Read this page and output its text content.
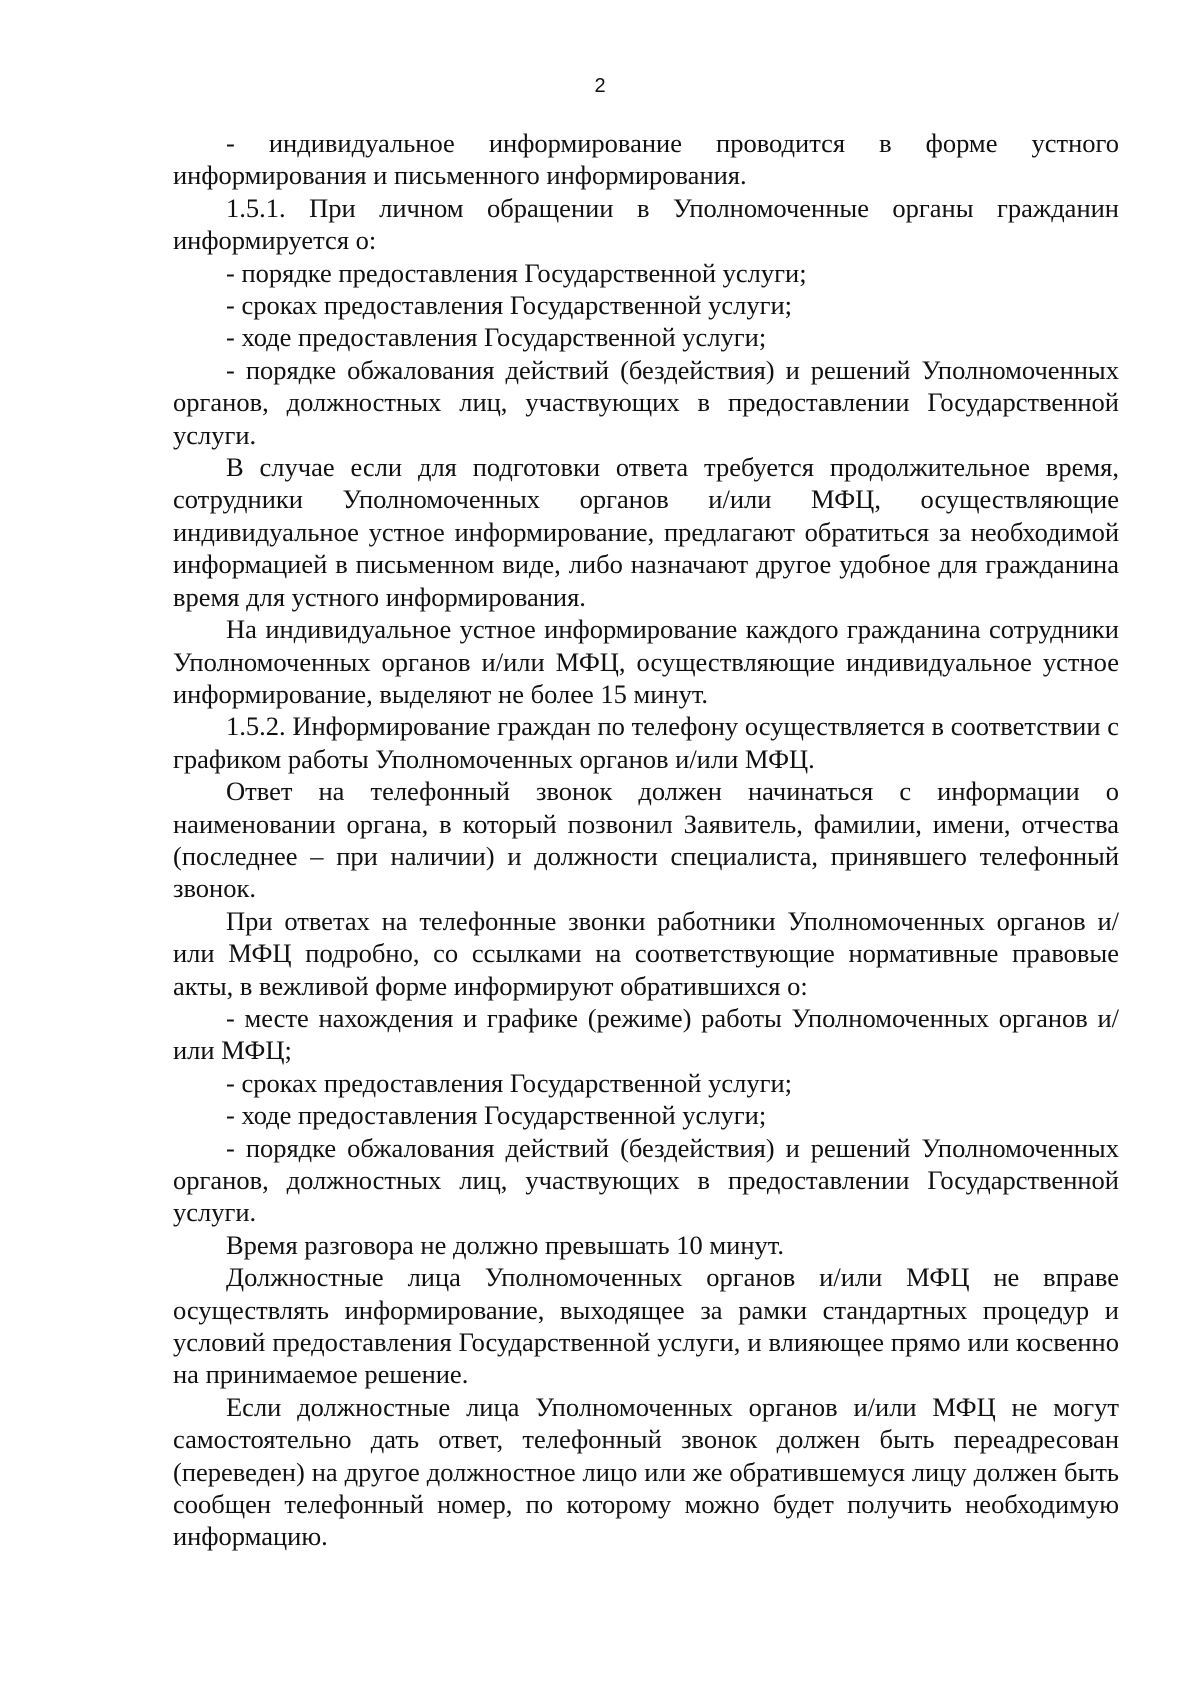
2

- индивидуальное информирование проводится в форме устного информирования и письменного информирования.

1.5.1. При личном обращении в Уполномоченные органы гражданин информируется о:

- порядке предоставления Государственной услуги;

- сроках предоставления Государственной услуги;

- ходе предоставления Государственной услуги;

- порядке обжалования действий (бездействия) и решений Уполномоченных органов, должностных лиц, участвующих в предоставлении Государственной услуги.

В случае если для подготовки ответа требуется продолжительное время, сотрудники Уполномоченных органов и/или МФЦ, осуществляющие индивидуальное устное информирование, предлагают обратиться за необходимой информацией в письменном виде, либо назначают другое удобное для гражданина время для устного информирования.

На индивидуальное устное информирование каждого гражданина сотрудники Уполномоченных органов и/или МФЦ, осуществляющие индивидуальное устное информирование, выделяют не более 15 минут.

1.5.2. Информирование граждан по телефону осуществляется в соответствии с графиком работы Уполномоченных органов и/или МФЦ.

Ответ на телефонный звонок должен начинаться с информации о наименовании органа, в который позвонил Заявитель, фамилии, имени, отчества (последнее – при наличии) и должности специалиста, принявшего телефонный звонок.

При ответах на телефонные звонки работники Уполномоченных органов и/или МФЦ подробно, со ссылками на соответствующие нормативные правовые акты, в вежливой форме информируют обратившихся о:

- месте нахождения и графике (режиме) работы Уполномоченных органов и/или МФЦ;

- сроках предоставления Государственной услуги;

- ходе предоставления Государственной услуги;

- порядке обжалования действий (бездействия) и решений Уполномоченных органов, должностных лиц, участвующих в предоставлении Государственной услуги.

Время разговора не должно превышать 10 минут.

Должностные лица Уполномоченных органов и/или МФЦ не вправе осуществлять информирование, выходящее за рамки стандартных процедур и условий предоставления Государственной услуги, и влияющее прямо или косвенно на принимаемое решение.

Если должностные лица Уполномоченных органов и/или МФЦ не могут самостоятельно дать ответ, телефонный звонок должен быть переадресован (переведен) на другое должностное лицо или же обратившемуся лицу должен быть сообщен телефонный номер, по которому можно будет получить необходимую информацию.
